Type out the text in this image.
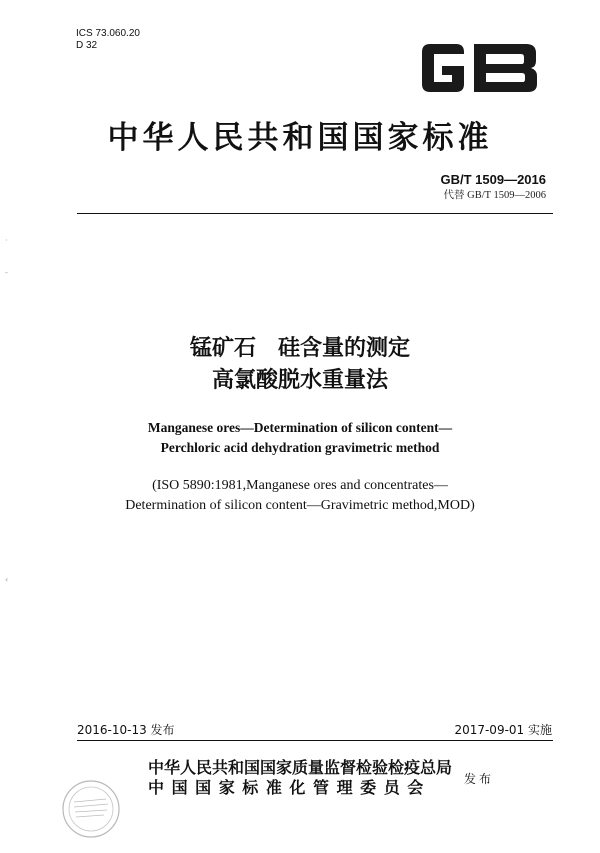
ICS 73.060.20
D 32
中华人民共和国国家标准
GB/T 1509—2016
代替 GB/T 1509—2006
·
-
‹
锰矿石　硅含量的测定
高氯酸脱水重量法
Manganese ores—Determination of silicon content—
Perchloric acid dehydration gravimetric method
(ISO 5890:1981,Manganese ores and concentrates—
Determination of silicon content—Gravimetric method,MOD)
2016-10-13 发布	2017-09-01 实施
中华人民共和国国家质量监督检验检疫总局
中 国 国 家 标 准 化 管 理 委 员 会	发布
